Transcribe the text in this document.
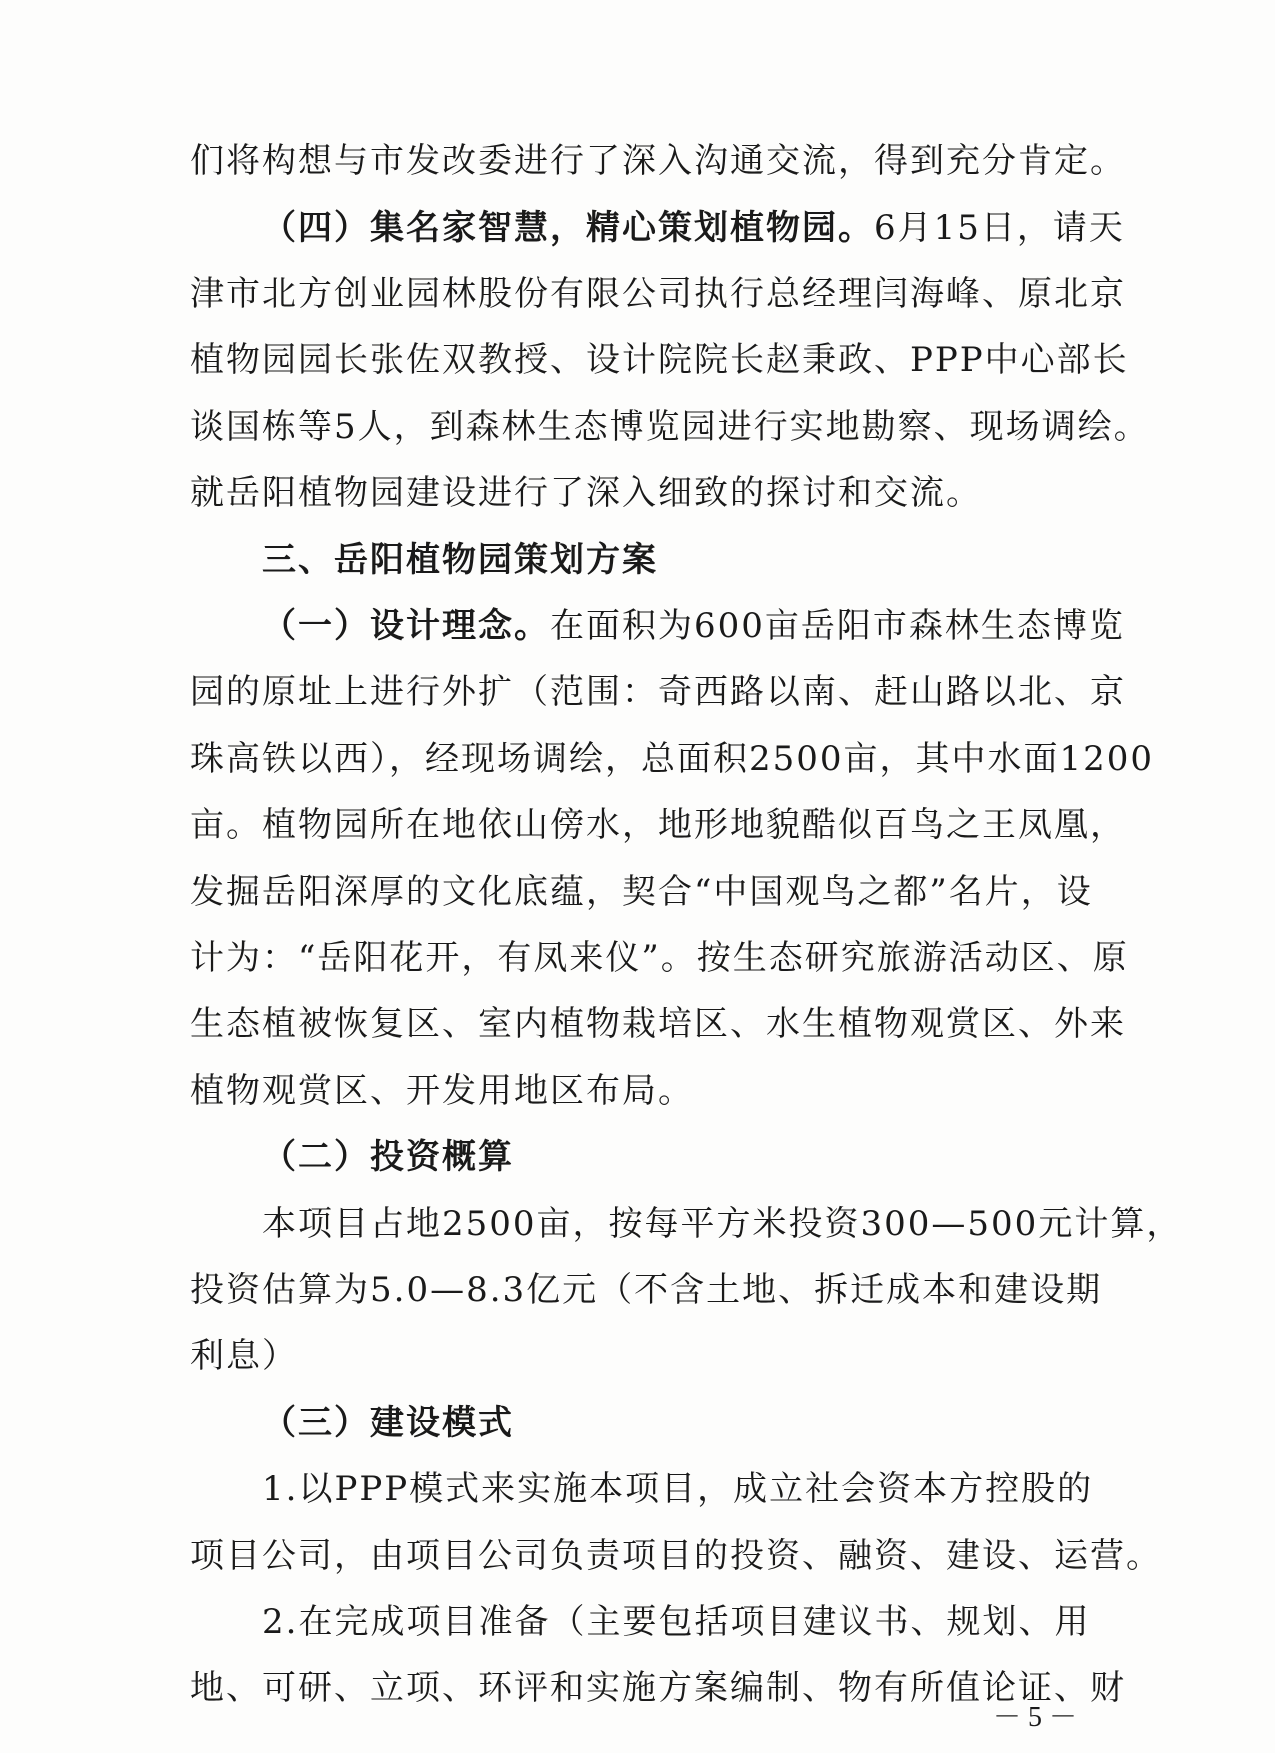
们将构想与市发改委进行了深入沟通交流，得到充分肯定。
（四）集名家智慧，精心策划植物园。6月15日，请天
津市北方创业园林股份有限公司执行总经理闫海峰、原北京
植物园园长张佐双教授、设计院院长赵秉政、PPP中心部长
谈国栋等5人，到森林生态博览园进行实地勘察、现场调绘。
就岳阳植物园建设进行了深入细致的探讨和交流。
三、岳阳植物园策划方案
（一）设计理念。在面积为600亩岳阳市森林生态博览
园的原址上进行外扩（范围：奇西路以南、赶山路以北、京
珠高铁以西），经现场调绘，总面积2500亩，其中水面1200
亩。植物园所在地依山傍水，地形地貌酷似百鸟之王凤凰，
发掘岳阳深厚的文化底蕴，契合“中国观鸟之都”名片，设
计为：“岳阳花开，有凤来仪”。按生态研究旅游活动区、原
生态植被恢复区、室内植物栽培区、水生植物观赏区、外来
植物观赏区、开发用地区布局。
（二）投资概算
本项目占地2500亩，按每平方米投资300—500元计算，
投资估算为5.0—8.3亿元（不含土地、拆迁成本和建设期
利息）
（三）建设模式
1.以PPP模式来实施本项目，成立社会资本方控股的
项目公司，由项目公司负责项目的投资、融资、建设、运营。
2.在完成项目准备（主要包括项目建议书、规划、用
地、可研、立项、环评和实施方案编制、物有所值论证、财
－ 5 －
